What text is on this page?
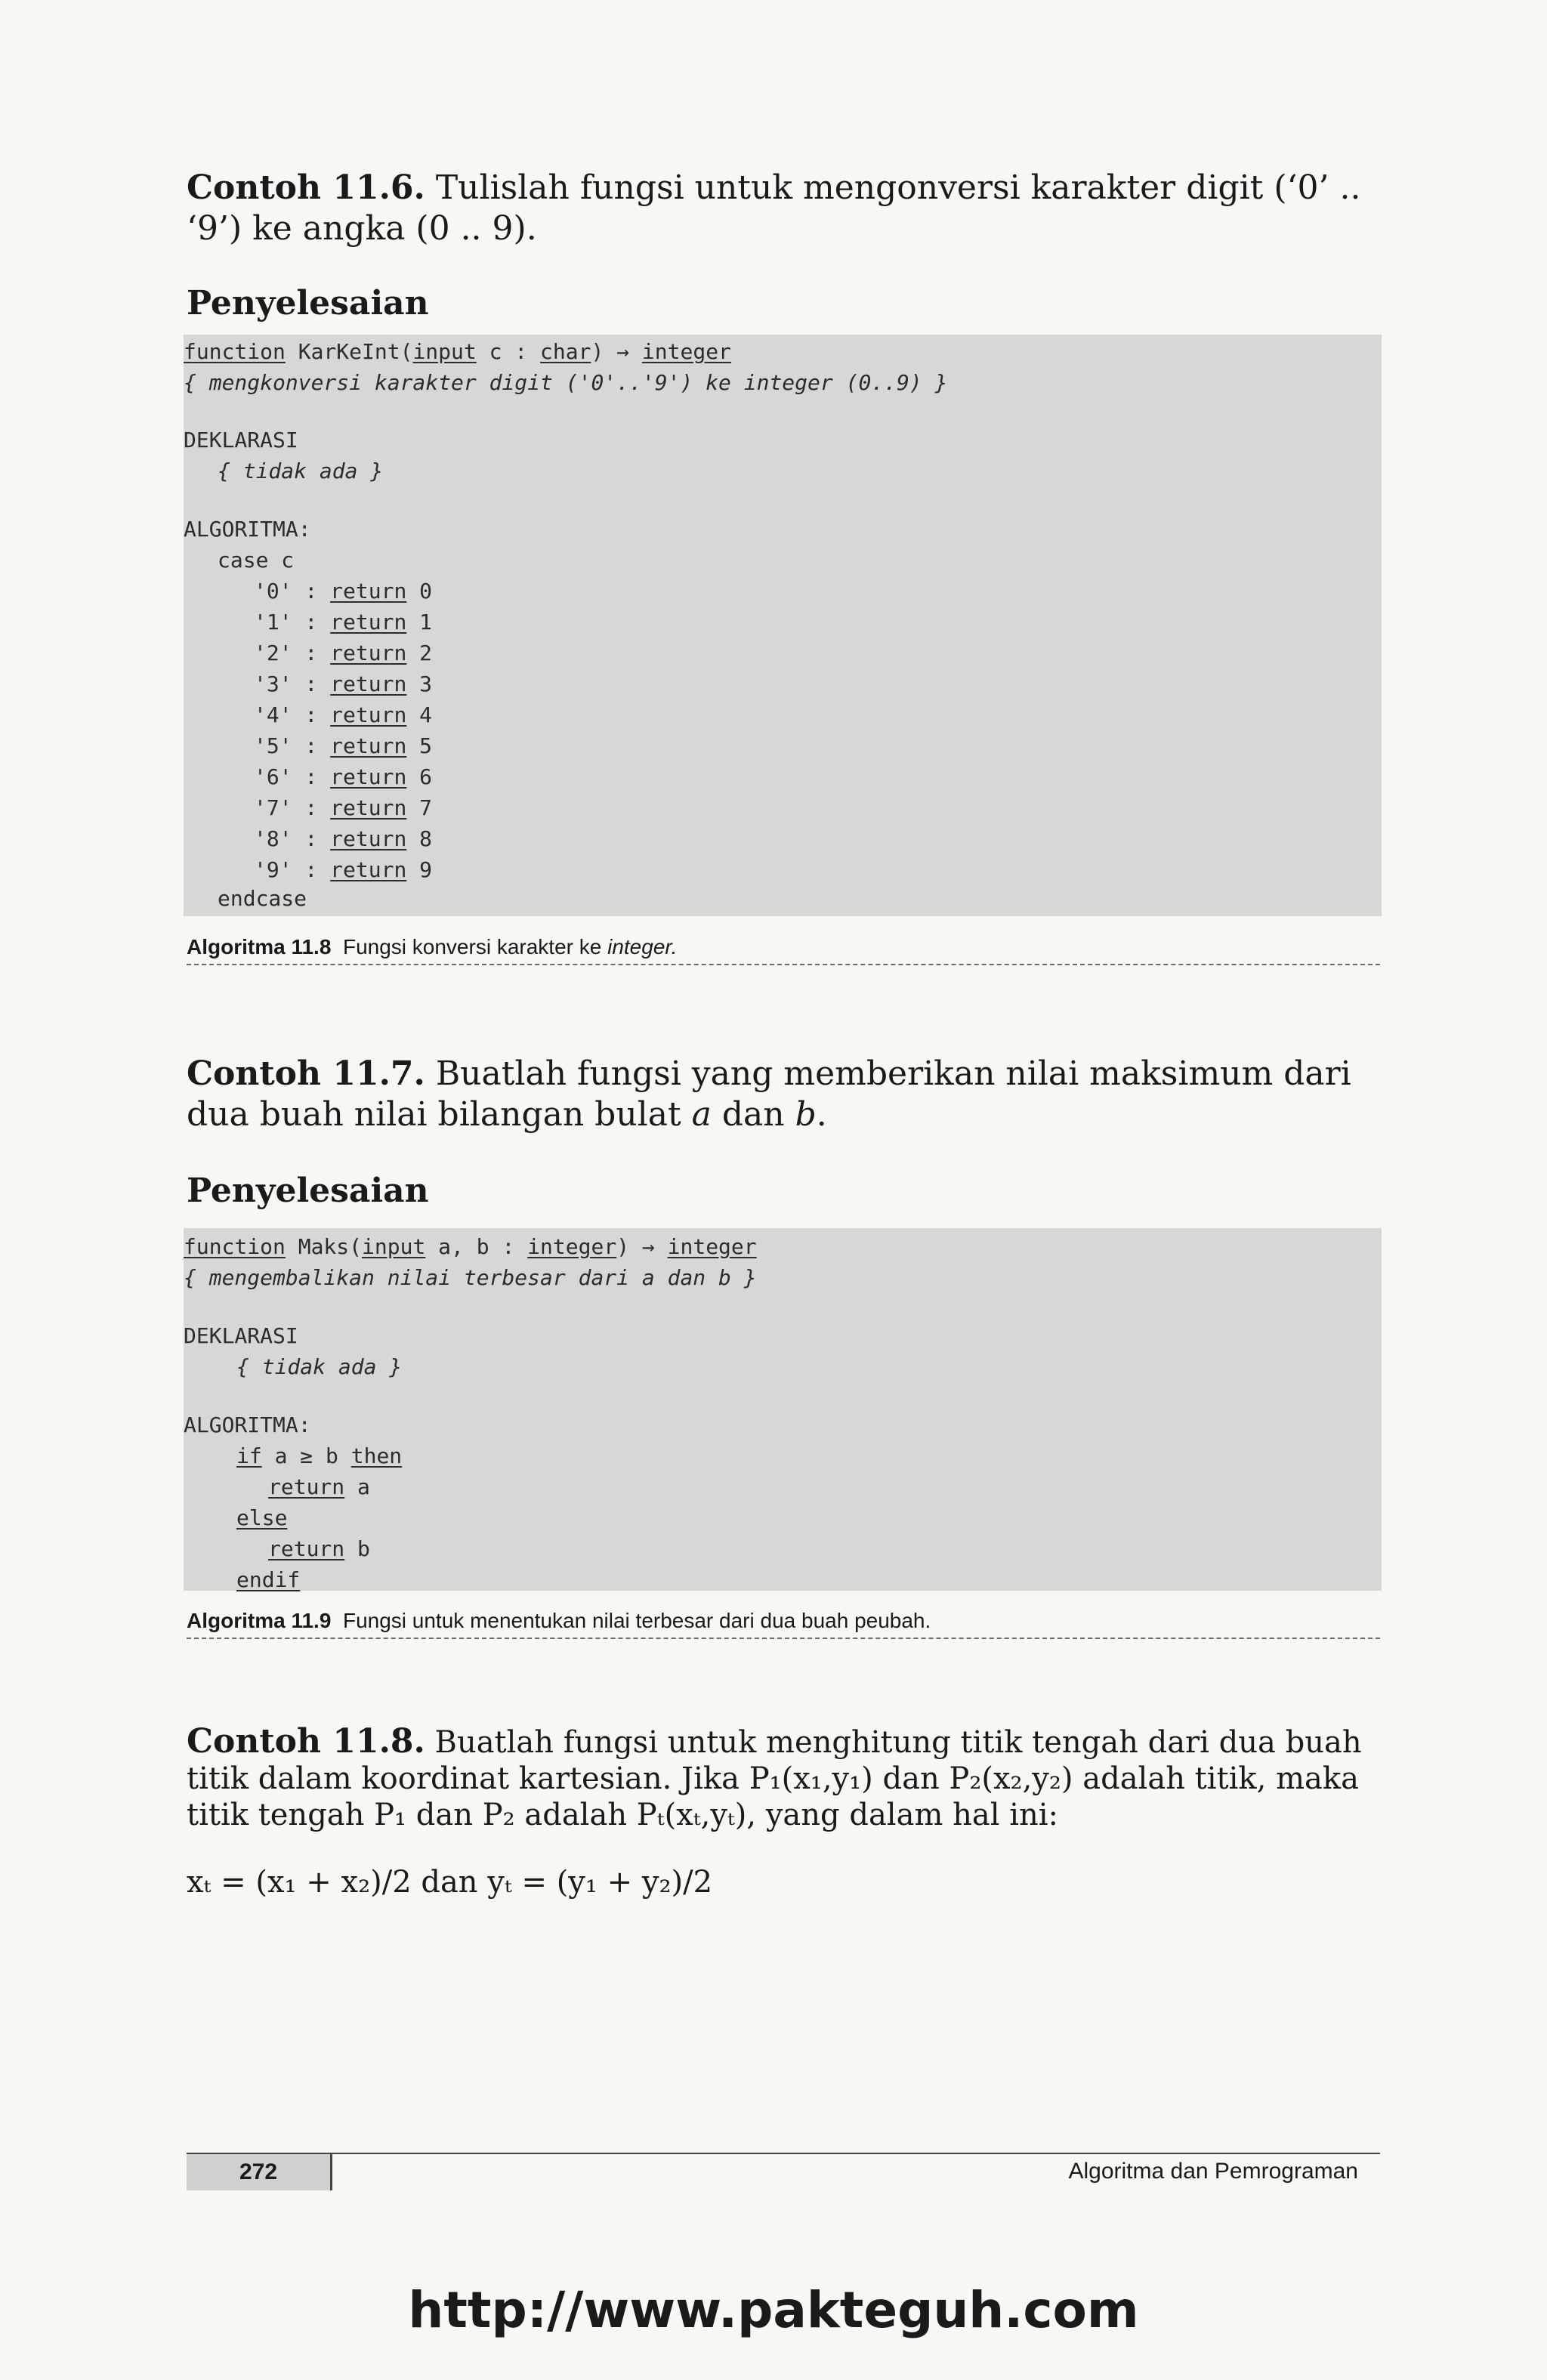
Contoh 11.6. Tulislah fungsi untuk mengonversi karakter digit (‘0’ .. ‘9’) ke angka (0 .. 9).

Penyelesaian
function KarKeInt(input c : char) → integer
{ mengkonversi karakter digit ('0'..'9') ke integer (0..9) }
DEKLARASI
{ tidak ada }
ALGORITMA:
case c
'0' : return 0
'1' : return 1
'2' : return 2
'3' : return 3
'4' : return 4
'5' : return 5
'6' : return 6
'7' : return 7
'8' : return 8
'9' : return 9
endcase
Algoritma 11.8 Fungsi konversi karakter ke integer.

Contoh 11.7. Buatlah fungsi yang memberikan nilai maksimum dari dua buah nilai bilangan bulat a dan b.

Penyelesaian
function Maks(input a, b : integer) → integer
{ mengembalikan nilai terbesar dari a dan b }
DEKLARASI
{ tidak ada }
ALGORITMA:
if a ≥ b then
return a
else
return b
endif
Algoritma 11.9 Fungsi untuk menentukan nilai terbesar dari dua buah peubah.
Contoh 11.8. Buatlah fungsi untuk menghitung titik tengah dari dua buah
titik dalam koordinat kartesian. Jika P₁(x₁,y₁) dan P₂(x₂,y₂) adalah titik, maka
titik tengah P₁ dan P₂ adalah Pₜ(xₜ,yₜ), yang dalam hal ini:
xₜ = (x₁ + x₂)/2 dan yₜ = (y₁ + y₂)/2
272	Algoritma dan Pemrograman
http://www.pakteguh.com
